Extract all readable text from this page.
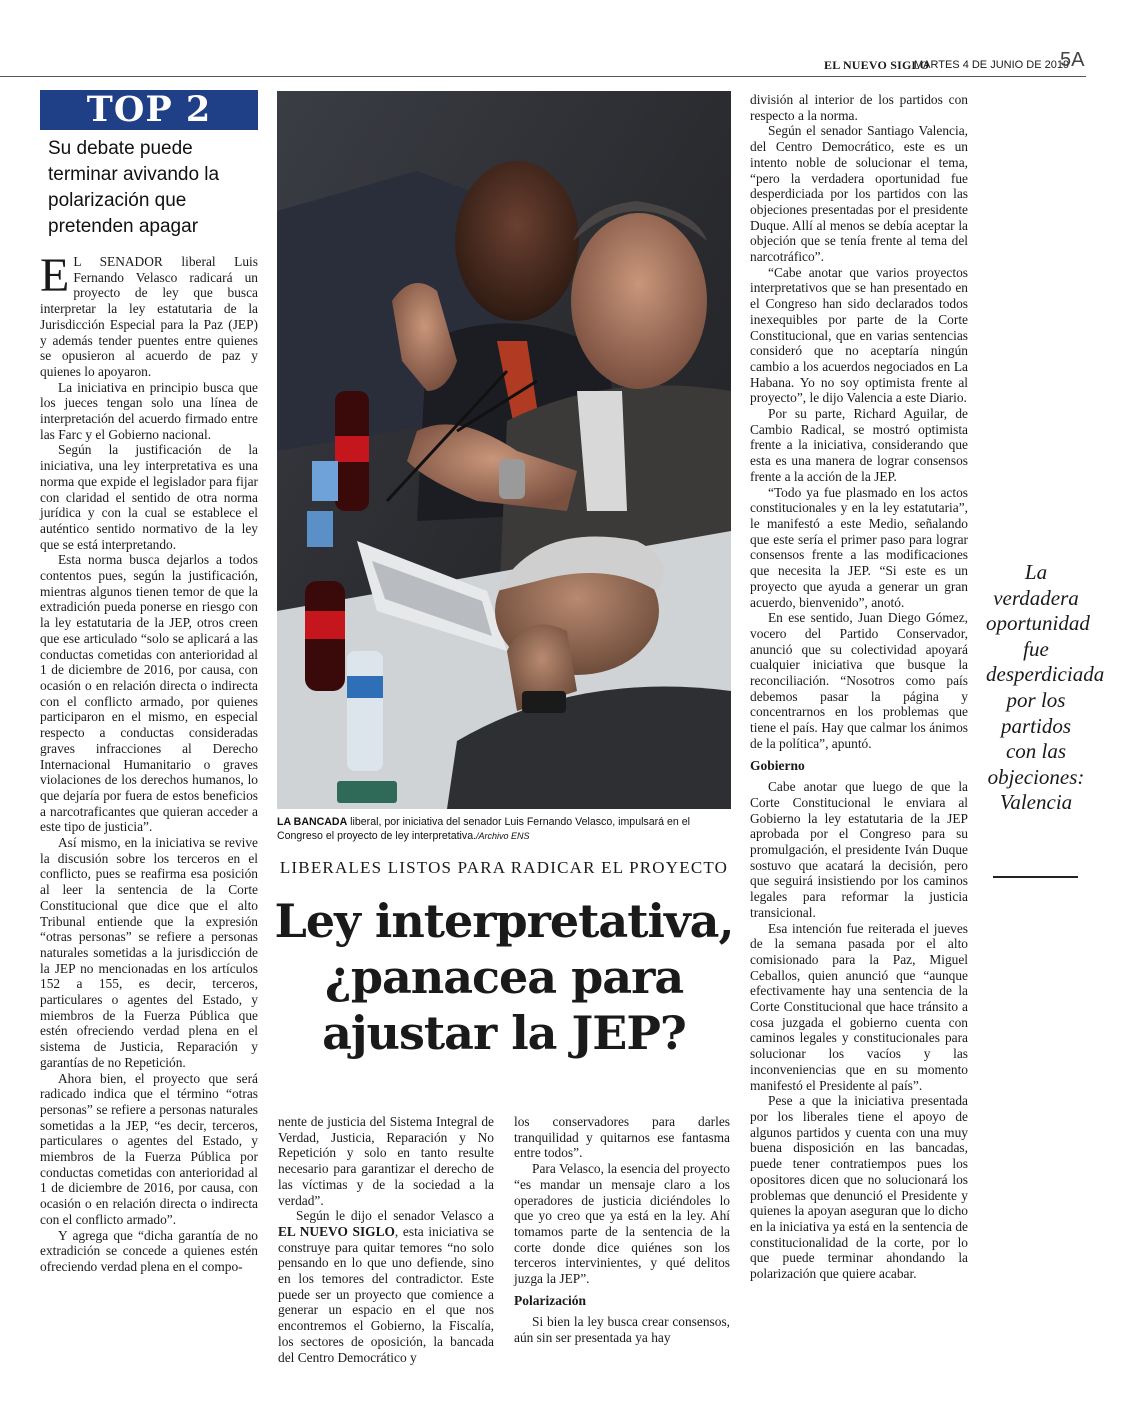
EL NUEVO SIGLO
MARTES 4 DE JUNIO DE 2019
5A
TOP 2
Su debate puede terminar avivando la polarización que pretenden apagar

E L SENADOR liberal Luis Fernando Velasco radicará un proyecto de ley que busca interpretar la ley estatutaria de la Jurisdicción Especial para la Paz (JEP) y además tender puentes entre quienes se opusieron al acuerdo de paz y quienes lo apoyaron.

La iniciativa en principio busca que los jueces tengan solo una línea de interpretación del acuerdo firmado entre las Farc y el Gobierno nacional.

Según la justificación de la iniciativa, una ley interpretativa es una norma que expide el legislador para fijar con claridad el sentido de otra norma jurídica y con la cual se establece el auténtico sentido normativo de la ley que se está interpretando.

Esta norma busca dejarlos a todos contentos pues, según la justificación, mientras algunos tienen temor de que la extradición pueda ponerse en riesgo con la ley estatutaria de la JEP, otros creen que ese articulado “solo se aplicará a las conductas cometidas con anterioridad al 1 de diciembre de 2016, por causa, con ocasión o en relación directa o indirecta con el conflicto armado, por quienes participaron en el mismo, en especial respecto a conductas consideradas graves infracciones al Derecho Internacional Humanitario o graves violaciones de los derechos humanos, lo que dejaría por fuera de estos beneficios a narcotraficantes que quieran acceder a este tipo de justicia”.

Así mismo, en la iniciativa se revive la discusión sobre los terceros en el conflicto, pues se reafirma esa posición al leer la sentencia de la Corte Constitucional que dice que el alto Tribunal entiende que la expresión “otras personas” se refiere a personas naturales sometidas a la jurisdicción de la JEP no mencionadas en los artículos 152 a 155, es decir, terceros, particulares o agentes del Estado, y miembros de la Fuerza Pública que estén ofreciendo verdad plena en el sistema de Justicia, Reparación y garantías de no Repetición.

Ahora bien, el proyecto que será radicado indica que el término “otras personas” se refiere a personas naturales sometidas a la JEP, “es decir, terceros, particulares o agentes del Estado, y miembros de la Fuerza Pública por conductas cometidas con anterioridad al 1 de diciembre de 2016, por causa, con ocasión o en relación directa o indirecta con el conflicto armado”.

Y agrega que “dicha garantía de no extradición se concede a quienes estén ofreciendo verdad plena en el compo-

LA BANCADA liberal, por iniciativa del senador Luis Fernando Velasco, impulsará en el Congreso el proyecto de ley interpretativa./Archivo ENS
LIBERALES LISTOS PARA RADICAR EL PROYECTO
Ley interpretativa, ¿panacea para ajustar la JEP?

nente de justicia del Sistema Integral de Verdad, Justicia, Reparación y No Repetición y solo en tanto resulte necesario para garantizar el derecho de las víctimas y de la sociedad a la verdad”.

Según le dijo el senador Velasco a EL NUEVO SIGLO, esta iniciativa se construye para quitar temores “no solo pensando en lo que uno defiende, sino en los temores del contradictor. Este puede ser un proyecto que comience a generar un espacio en el que nos encontremos el Gobierno, la Fiscalía, los sectores de oposición, la bancada del Centro Democrático y

los conservadores para darles tranquilidad y quitarnos ese fantasma entre todos”.

Para Velasco, la esencia del proyecto “es mandar un mensaje claro a los operadores de justicia diciéndoles lo que yo creo que ya está en la ley. Ahí tomamos parte de la sentencia de la corte donde dice quiénes son los terceros intervinientes, y qué delitos juzga la JEP”.

Polarización

Si bien la ley busca crear consensos, aún sin ser presentada ya hay

división al interior de los partidos con respecto a la norma.

Según el senador Santiago Valencia, del Centro Democrático, este es un intento noble de solucionar el tema, “pero la verdadera oportunidad fue desperdiciada por los partidos con las objeciones presentadas por el presidente Duque. Allí al menos se debía aceptar la objeción que se tenía frente al tema del narcotráfico”.

“Cabe anotar que varios proyectos interpretativos que se han presentado en el Congreso han sido declarados todos inexequibles por parte de la Corte Constitucional, que en varias sentencias consideró que no aceptaría ningún cambio a los acuerdos negociados en La Habana. Yo no soy optimista frente al proyecto”, le dijo Valencia a este Diario.

Por su parte, Richard Aguilar, de Cambio Radical, se mostró optimista frente a la iniciativa, considerando que esta es una manera de lograr consensos frente a la acción de la JEP.

“Todo ya fue plasmado en los actos constitucionales y en la ley estatutaria”, le manifestó a este Medio, señalando que este sería el primer paso para lograr consensos frente a las modificaciones que necesita la JEP. “Si este es un proyecto que ayuda a generar un gran acuerdo, bienvenido”, anotó.

En ese sentido, Juan Diego Gómez, vocero del Partido Conservador, anunció que su colectividad apoyará cualquier iniciativa que busque la reconciliación. “Nosotros como país debemos pasar la página y concentrarnos en los problemas que tiene el país. Hay que calmar los ánimos de la política”, apuntó.

Gobierno

Cabe anotar que luego de que la Corte Constitucional le enviara al Gobierno la ley estatutaria de la JEP aprobada por el Congreso para su promulgación, el presidente Iván Duque sostuvo que acatará la decisión, pero que seguirá insistiendo por los caminos legales para reformar la justicia transicional.

Esa intención fue reiterada el jueves de la semana pasada por el alto comisionado para la Paz, Miguel Ceballos, quien anunció que “aunque efectivamente hay una sentencia de la Corte Constitucional que hace tránsito a cosa juzgada el gobierno cuenta con caminos legales y constitucionales para solucionar los vacíos y las inconveniencias que en su momento manifestó el Presidente al país”.

Pese a que la iniciativa presentada por los liberales tiene el apoyo de algunos partidos y cuenta con una muy buena disposición en las bancadas, puede tener contratiempos pues los opositores dicen que no solucionará los problemas que denunció el Presidente y quienes la apoyan aseguran que lo dicho en la iniciativa ya está en la sentencia de constitucionalidad de la corte, por lo que puede terminar ahondando la polarización que quiere acabar.

La verdadera oportunidad fue desperdiciada por los partidos con las objeciones: Valencia
